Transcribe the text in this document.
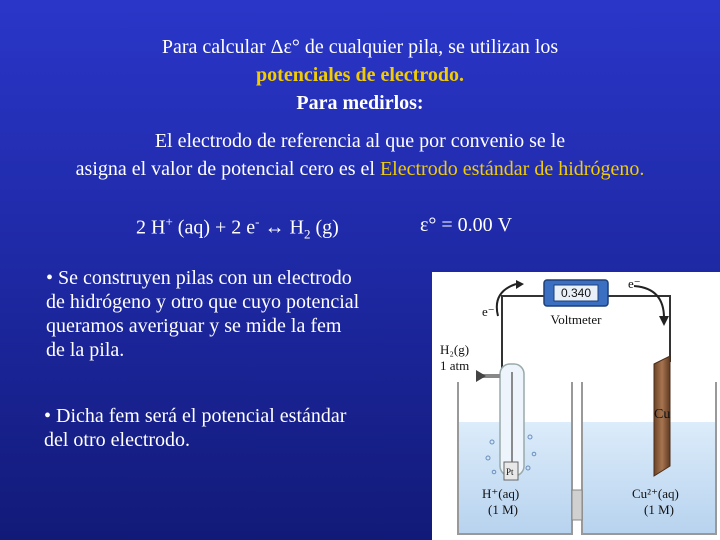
Para calcular Δε° de cualquier pila, se utilizan los
potenciales de electrodo.
Para medirlos:
El electrodo de referencia al que por convenio se le
asigna el valor de potencial cero es el Electrodo estándar de hidrógeno.
2 H+ (aq) + 2 e- ↔ $H_2$ (g)	ε° = 0.00 V
• Se construyen pilas con un electrodo
de hidrógeno y otro que cuyo potencial
queramos averiguar y se mide la fem
de la pila.
• Dicha fem será el potencial estándar
del otro electrodo.
0.340
Voltmeter
e⁻
e⁻
Pt
H₂(g)
1 atm
Cu
H⁺(aq)
(1 M)
Cu²⁺(aq)
(1 M)
